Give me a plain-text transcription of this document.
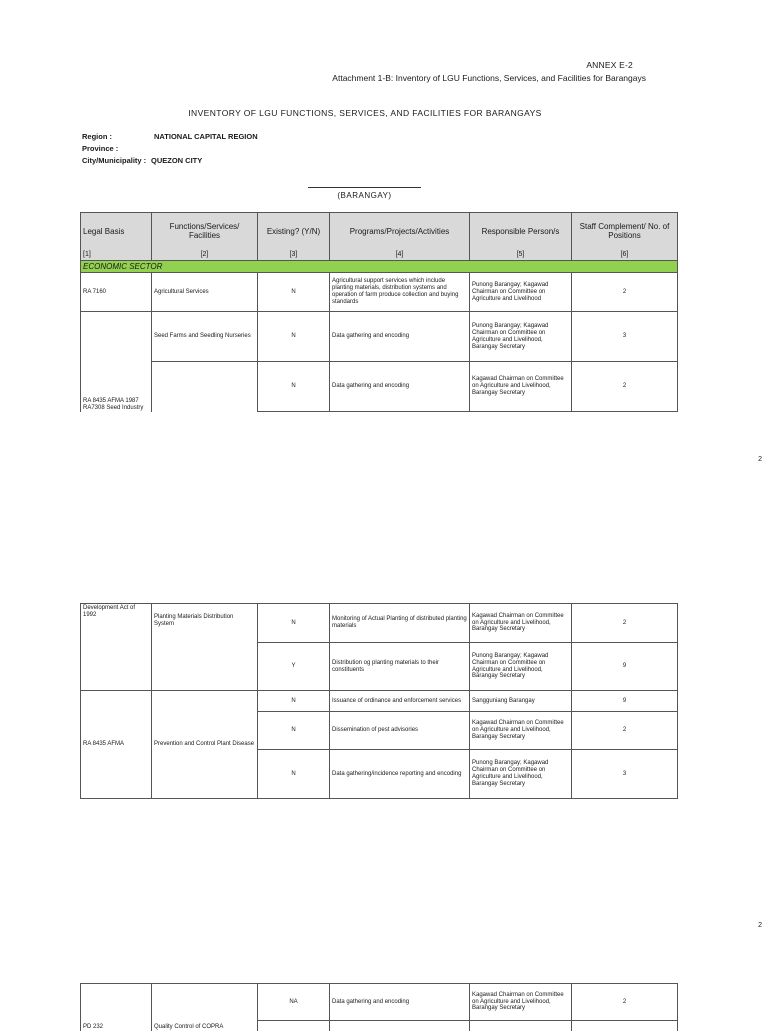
ANNEX E-2
Attachment 1-B: Inventory of LGU Functions, Services, and Facilities for Barangays
INVENTORY OF LGU FUNCTIONS, SERVICES, AND FACILITIES FOR BARANGAYS
Region :	NATIONAL CAPITAL REGION
Province :
City/Municipality : QUEZON CITY
(BARANGAY)
Legal Basis	Functions/Services/ Facilities	Existing? (Y/N)	Programs/Projects/Activities	Responsible Person/s	Staff Complement/ No. of Positions
[1]	[2]	[3]	[4]	[5]	[6]
ECONOMIC SECTOR					
RA 7160	Agricultural Services	N	Agricultural support services which include planting materials, distribution systems and operation of farm produce collection and buying standards	Punong Barangay; Kagawad Chairman on Committee on Agriculture and Livelihood	2
	Seed Farms and Seedling Nurseries	N	Data gathering and encoding	Punong Barangay; Kagawad Chairman on Committee on Agriculture and Livelihood, Barangay Secretary	3
RA 8435 AFMA 1987 RA7308 Seed Industry		N	Data gathering and encoding	Kagawad Chairman on Committee on Agriculture and Livelihood, Barangay Secretary	2
2
Development Act of 1992	Planting Materials Distribution System	N	Monitoring of Actual Planting of distributed planting materials	Kagawad Chairman on Committee on Agriculture and Livelihood, Barangay Secretary	2
		Y	Distribution og planting materials to their constituents	Punong Barangay; Kagawad Chairman on Committee on Agriculture and Livelihood, Barangay Secretary	9
RA 8435 AFMA	Prevention and Control Plant Disease	N	Issuance of ordinance and enforcement services	Sangguniang Barangay	9
		N	Dissemination of pest advisories	Kagawad Chairman on Committee on Agriculture and Livelihood, Barangay Secretary	2
		N	Data gathering/incidence reporting and encoding	Punong Barangay; Kagawad Chairman on Committee on Agriculture and Livelihood, Barangay Secretary	3
2
PD 232	Quality Control of COPRA	NA	Data gathering and encoding	Kagawad Chairman on Committee on Agriculture and Livelihood, Barangay Secretary	2
